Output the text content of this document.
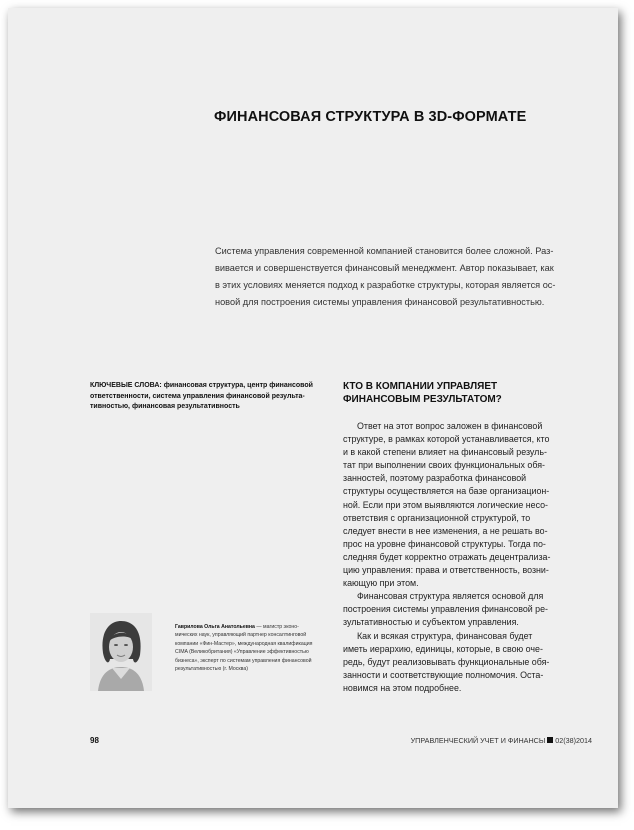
ФИНАНСОВАЯ СТРУКТУРА В 3D-ФОРМАТЕ
Система управления современной компанией становится более сложной. Раз-
вивается и совершенствуется финансовый менеджмент. Автор показывает, как
в этих условиях меняется подход к разработке структуры, которая является ос-
новой для построения системы управления финансовой результативностью.
КЛЮЧЕВЫЕ СЛОВА: финансовая структура, центр финансовой
ответственности, система управления финансовой результа-
тивностью, финансовая результативность
КТО В КОМПАНИИ УПРАВЛЯЕТ
ФИНАНСОВЫМ РЕЗУЛЬТАТОМ?
Ответ на этот вопрос заложен в финансовой
структуре, в рамках которой устанавливается, кто
и в какой степени влияет на финансовый резуль-
тат при выполнении своих функциональных обя-
занностей, поэтому разработка финансовой
структуры осуществляется на базе организацион-
ной. Если при этом выявляются логические несо-
ответствия с организационной структурой, то
следует внести в нее изменения, а не решать во-
прос на уровне финансовой структуры. Тогда по-
следняя будет корректно отражать децентрализа-
цию управления: права и ответственность, возни-
кающую при этом.
Финансовая структура является основой для
построения системы управления финансовой ре-
зультативностью и субъектом управления.
Как и всякая структура, финансовая будет
иметь иерархию, единицы, которые, в свою оче-
редь, будут реализовывать функциональные обя-
занности и соответствующие полномочия. Оста-
новимся на этом подробнее.
Гаврилова Ольга Анатольевна — магистр эконо-
мических наук, управляющий партнер консалтинговой
компании «Фин-Мастер», международная квалификация
CIMA (Великобритания) «Управление эффективностью
бизнеса», эксперт по системам управления финансовой
результативностью (г. Москва)
98	УПРАВЛЕНЧЕСКИЙ УЧЕТ И ФИНАНСЫ 02(38)2014
